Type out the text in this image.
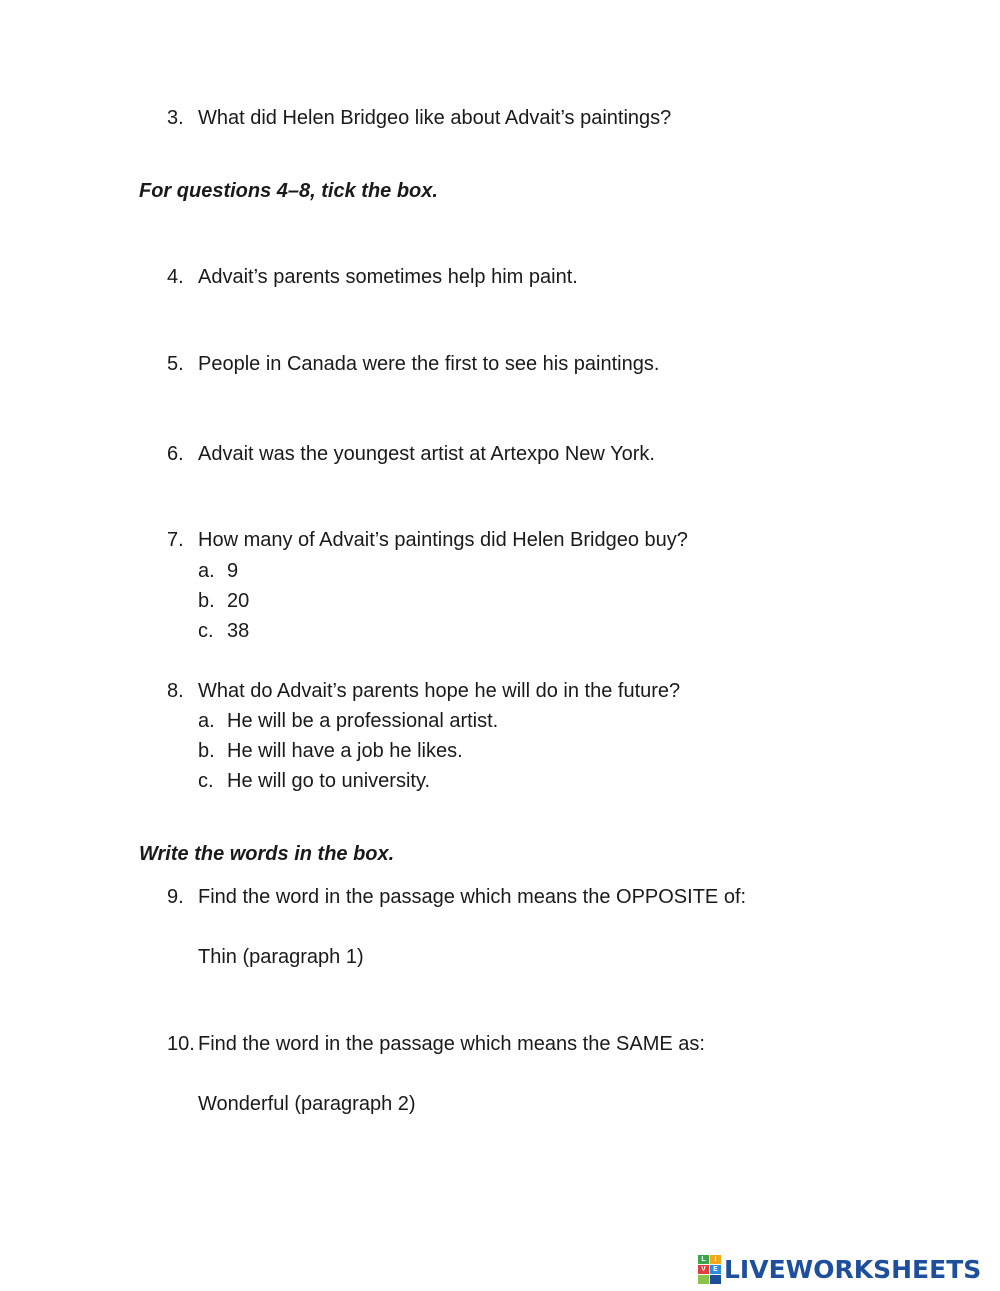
3. What did Helen Bridgeo like about Advait’s paintings?
For questions 4–8, tick the box.
4. Advait’s parents sometimes help him paint.
5. People in Canada were the first to see his paintings.
6. Advait was the youngest artist at Artexpo New York.
7. How many of Advait’s paintings did Helen Bridgeo buy?
a. 9
b. 20
c. 38
8. What do Advait’s parents hope he will do in the future?
a. He will be a professional artist.
b. He will have a job he likes.
c. He will go to university.
Write the words in the box.
9. Find the word in the passage which means the OPPOSITE of:
Thin (paragraph 1)
10. Find the word in the passage which means the SAME as:
Wonderful (paragraph 2)
L	I
V	E LIVEWORKSHEETS
